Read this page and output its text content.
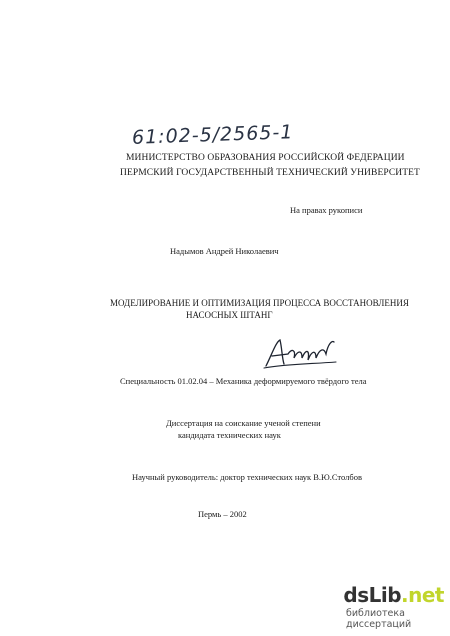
61:02-5/2565-1
МИНИСТЕРСТВО ОБРАЗОВАНИЯ РОССИЙСКОЙ ФЕДЕРАЦИИ
ПЕРМСКИЙ ГОСУДАРСТВЕННЫЙ ТЕХНИЧЕСКИЙ УНИВЕРСИТЕТ
На правах рукописи
Надымов Андрей Николаевич
МОДЕЛИРОВАНИЕ И ОПТИМИЗАЦИЯ ПРОЦЕССА ВОССТАНОВЛЕНИЯ
НАСОСНЫХ ШТАНГ
Специальность 01.02.04 – Механика деформируемого твёрдого тела
Диссертация на соискание ученой степени
кандидата технических наук
Научный руководитель: доктор технических наук В.Ю.Столбов
Пермь – 2002
dsLib.net
библиотека диссертаций
